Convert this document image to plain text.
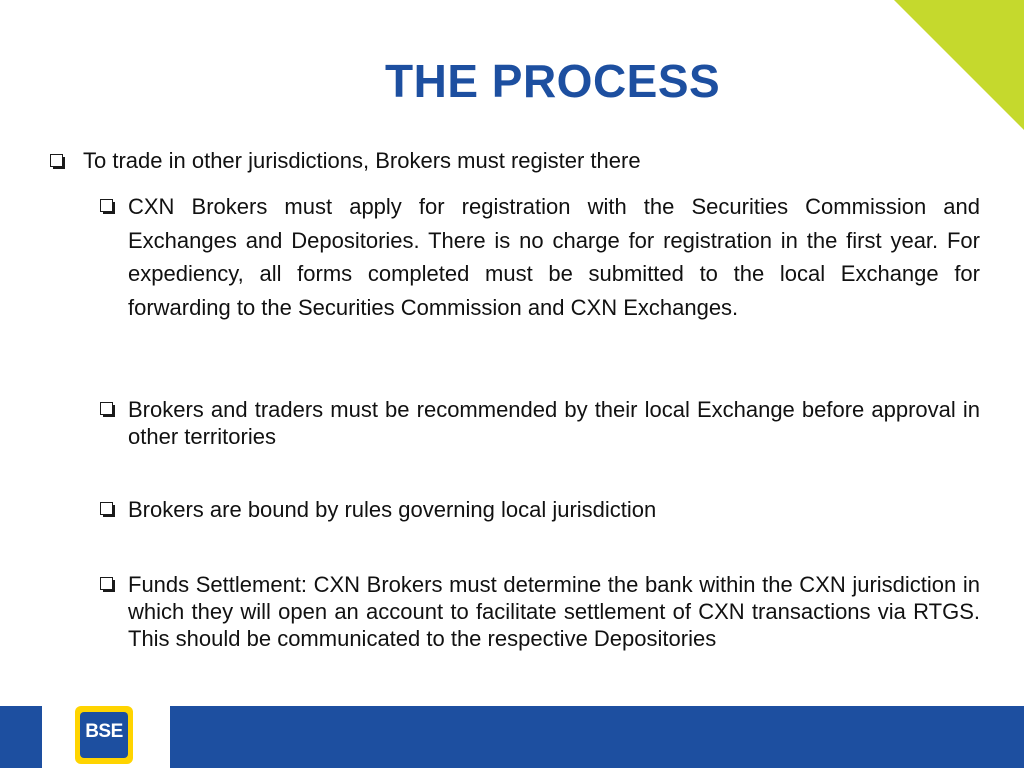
THE PROCESS
To trade in other jurisdictions, Brokers must register there
CXN Brokers must apply for registration with the Securities Commission and Exchanges and Depositories. There is no charge for registration in the first year. For expediency, all forms completed must be submitted to the local Exchange for forwarding to the Securities Commission and CXN Exchanges.
Brokers and traders must be recommended by their local Exchange before approval in other territories
Brokers are bound by rules governing local jurisdiction
Funds Settlement: CXN Brokers must determine the bank within the CXN jurisdiction in which they will open an account to facilitate settlement of CXN transactions via RTGS. This should be communicated to the respective Depositories
BSE
